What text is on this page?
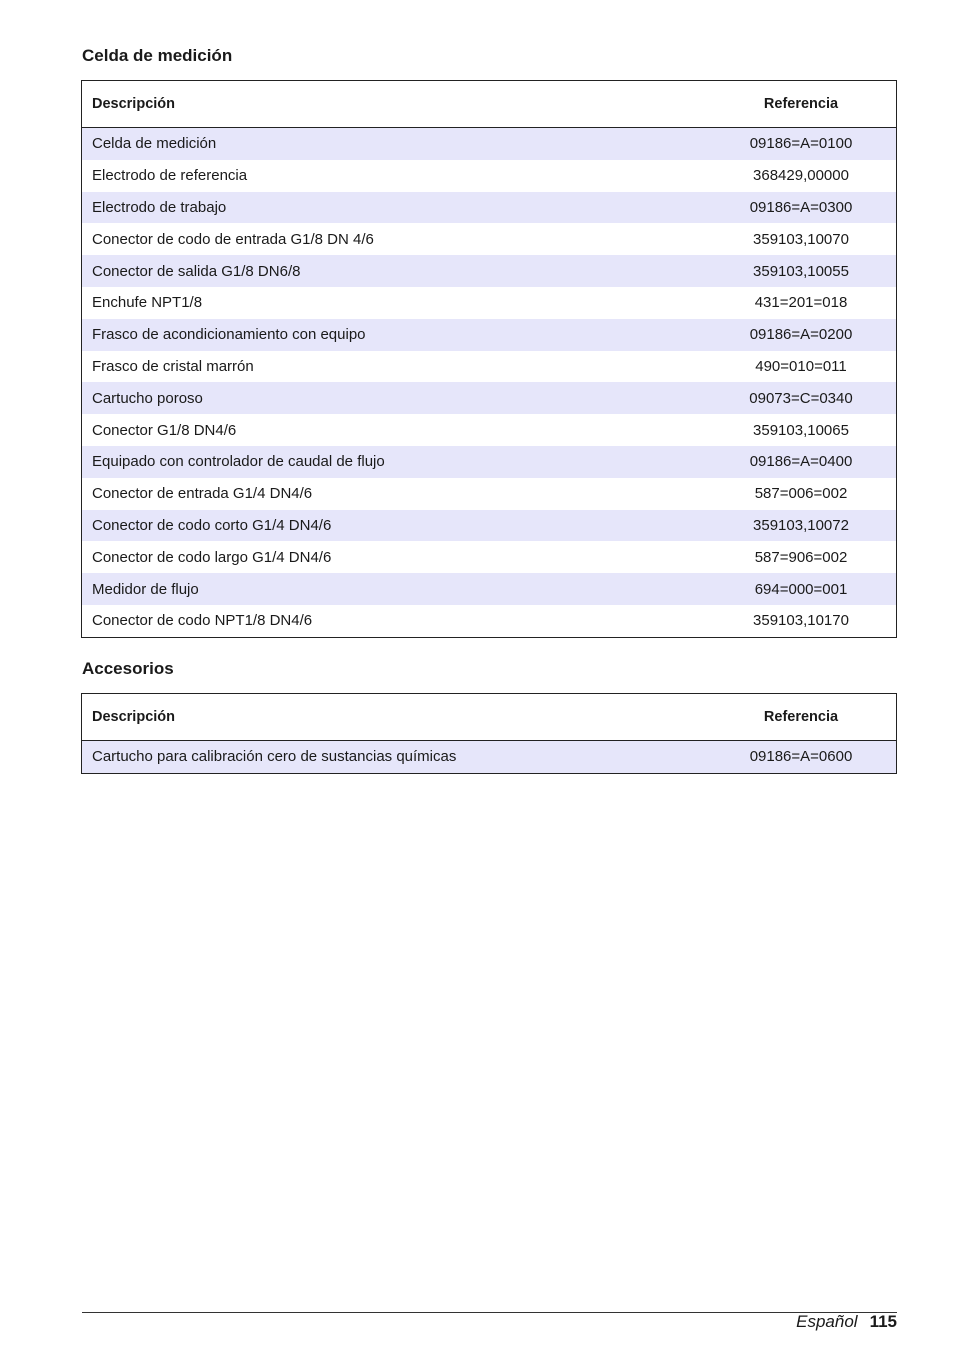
Celda de medición
Descripción	Referencia
Celda de medición	09186=A=0100
Electrodo de referencia	368429,00000
Electrodo de trabajo	09186=A=0300
Conector de codo de entrada G1/8 DN 4/6	359103,10070
Conector de salida G1/8 DN6/8	359103,10055
Enchufe NPT1/8	431=201=018
Frasco de acondicionamiento con equipo	09186=A=0200
Frasco de cristal marrón	490=010=011
Cartucho poroso	09073=C=0340
Conector G1/8 DN4/6	359103,10065
Equipado con controlador de caudal de flujo	09186=A=0400
Conector de entrada G1/4 DN4/6	587=006=002
Conector de codo corto G1/4 DN4/6	359103,10072
Conector de codo largo G1/4 DN4/6	587=906=002
Medidor de flujo	694=000=001
Conector de codo NPT1/8 DN4/6	359103,10170
Accesorios
Descripción	Referencia
Cartucho para calibración cero de sustancias químicas	09186=A=0600
Español 115
